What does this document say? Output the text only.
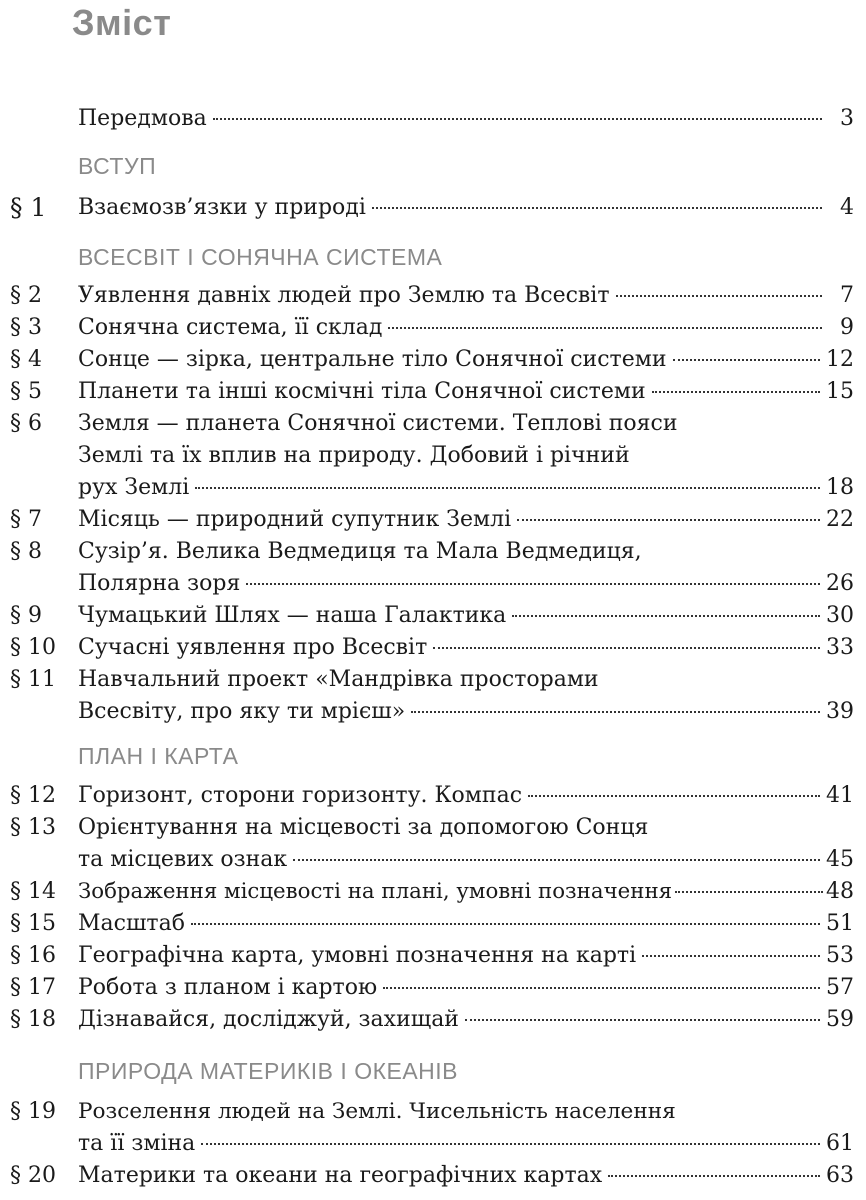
Зміст
Передмова	3
ВСТУП
§ 1 Взаємозв’язки у природі	4
ВСЕСВІТ І СОНЯЧНА СИСТЕМА
§ 2 Уявлення давніх людей про Землю та Всесвіт	7
§ 3 Сонячна система, її склад	9
§ 4 Сонце — зірка, центральне тіло Сонячної системи	12
§ 5 Планети та інші космічні тіла Сонячної системи	15
§ 6 Земля — планета Сонячної системи. Теплові пояси
Землі та їх вплив на природу. Добовий і річний
рух Землі	18
§ 7 Місяць — природний супутник Землі	22
§ 8 Сузір’я. Велика Ведмедиця та Мала Ведмедиця,
Полярна зоря	26
§ 9 Чумацький Шлях — наша Галактика	30
§ 10 Сучасні уявлення про Всесвіт	33
§ 11 Навчальний проект «Мандрівка просторами
Всесвіту, про яку ти мрієш»	39
ПЛАН І КАРТА
§ 12 Горизонт, сторони горизонту. Компас	41
§ 13 Орієнтування на місцевості за допомогою Сонця
та місцевих ознак	45
§ 14 Зображення місцевості на плані, умовні позначення	48
§ 15 Масштаб	51
§ 16 Географічна карта, умовні позначення на карті	53
§ 17 Робота з планом і картою	57
§ 18 Дізнавайся, досліджуй, захищай	59
ПРИРОДА МАТЕРИКІВ І ОКЕАНІВ
§ 19 Розселення людей на Землі. Чисельність населення
та її зміна	61
§ 20 Материки та океани на географічних картах	63
